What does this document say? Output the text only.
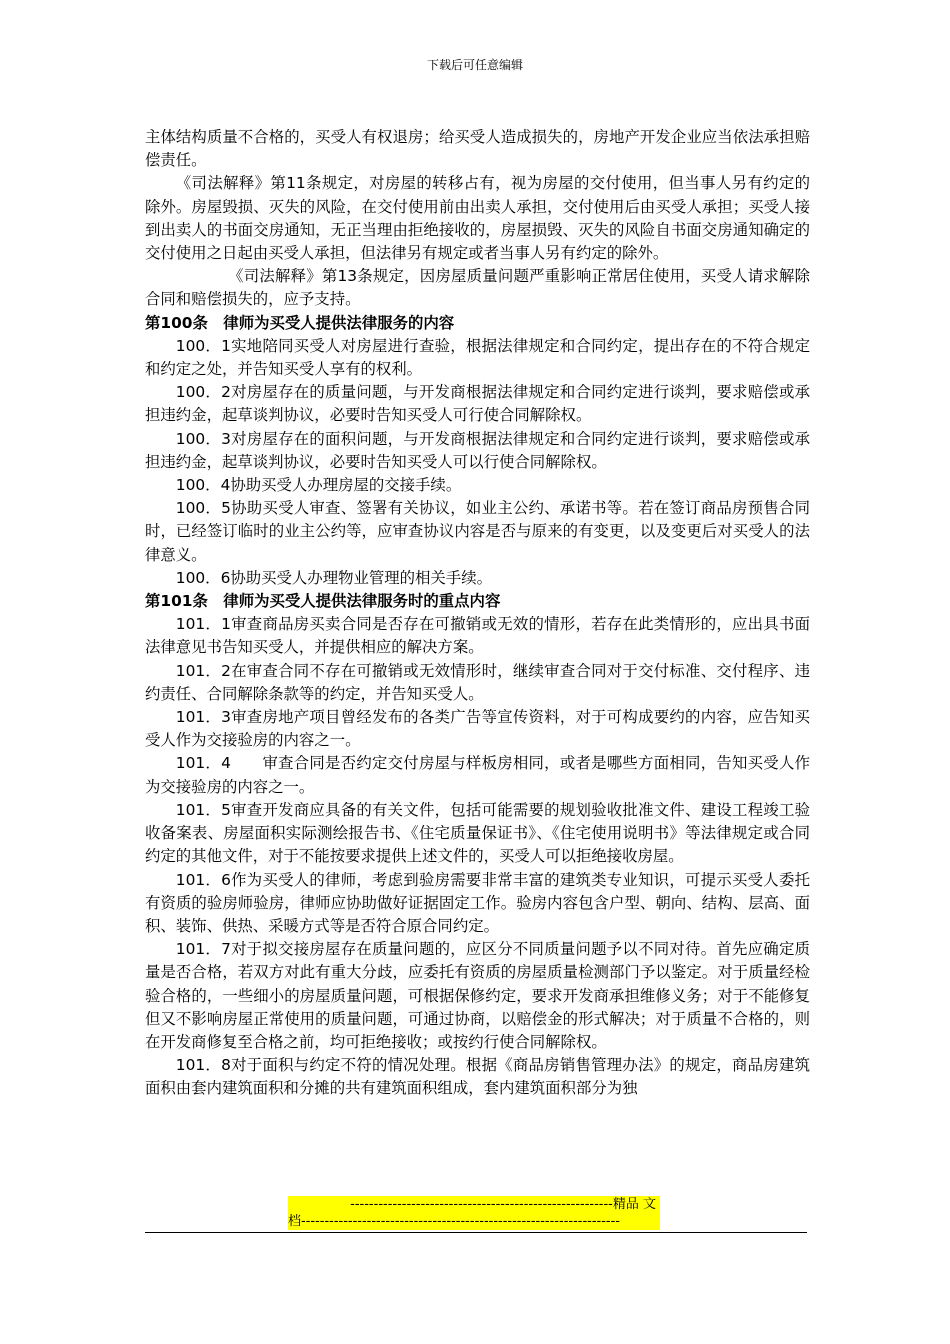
下载后可任意编辑

主体结构质量不合格的，买受人有权退房；给买受人造成损失的，房地产开发企业应当依法承担赔偿责任。

《司法解释》第11条规定，对房屋的转移占有，视为房屋的交付使用，但当事人另有约定的除外。房屋毁损、灭失的风险，在交付使用前由出卖人承担，交付使用后由买受人承担；买受人接到出卖人的书面交房通知，无正当理由拒绝接收的，房屋损毁、灭失的风险自书面交房通知确定的交付使用之日起由买受人承担，但法律另有规定或者当事人另有约定的除外。

《司法解释》第13条规定，因房屋质量问题严重影响正常居住使用，买受人请求解除合同和赔偿损失的，应予支持。

第100条　律师为买受人提供法律服务的内容

100．1实地陪同买受人对房屋进行查验，根据法律规定和合同约定，提出存在的不符合规定和约定之处，并告知买受人享有的权利。

100．2对房屋存在的质量问题，与开发商根据法律规定和合同约定进行谈判，要求赔偿或承担违约金，起草谈判协议，必要时告知买受人可行使合同解除权。

100．3对房屋存在的面积问题，与开发商根据法律规定和合同约定进行谈判，要求赔偿或承担违约金，起草谈判协议，必要时告知买受人可以行使合同解除权。

100．4协助买受人办理房屋的交接手续。

100．5协助买受人审查、签署有关协议，如业主公约、承诺书等。若在签订商品房预售合同时，已经签订临时的业主公约等，应审查协议内容是否与原来的有变更，以及变更后对买受人的法律意义。

100．6协助买受人办理物业管理的相关手续。

第101条　律师为买受人提供法律服务时的重点内容

101．1审查商品房买卖合同是否存在可撤销或无效的情形，若存在此类情形的，应出具书面法律意见书告知买受人，并提供相应的解决方案。

101．2在审查合同不存在可撤销或无效情形时，继续审查合同对于交付标准、交付程序、违约责任、合同解除条款等的约定，并告知买受人。

101．3审查房地产项目曾经发布的各类广告等宣传资料，对于可构成要约的内容，应告知买受人作为交接验房的内容之一。

101．4　　审查合同是否约定交付房屋与样板房相同，或者是哪些方面相同，告知买受人作为交接验房的内容之一。

101．5审查开发商应具备的有关文件，包括可能需要的规划验收批准文件、建设工程竣工验收备案表、房屋面积实际测绘报告书、《住宅质量保证书》、《住宅使用说明书》等法律规定或合同约定的其他文件，对于不能按要求提供上述文件的，买受人可以拒绝接收房屋。

101．6作为买受人的律师，考虑到验房需要非常丰富的建筑类专业知识，可提示买受人委托有资质的验房师验房，律师应协助做好证据固定工作。验房内容包含户型、朝向、结构、层高、面积、装饰、供热、采暖方式等是否符合原合同约定。

101．7对于拟交接房屋存在质量问题的，应区分不同质量问题予以不同对待。首先应确定质量是否合格，若双方对此有重大分歧，应委托有资质的房屋质量检测部门予以鉴定。对于质量经检验合格的，一些细小的房屋质量问题，可根据保修约定，要求开发商承担维修义务；对于不能修复但又不影响房屋正常使用的质量问题，可通过协商，以赔偿金的形式解决；对于质量不合格的，则在开发商修复至合格之前，均可拒绝接收；或按约行使合同解除权。

101．8对于面积与约定不符的情况处理。根据《商品房销售管理办法》的规定，商品房建筑面积由套内建筑面积和分摊的共有建筑面积组成，套内建筑面积部分为独

--------------------------------------------------------精品 文
档--------------------------------------------------------------------
